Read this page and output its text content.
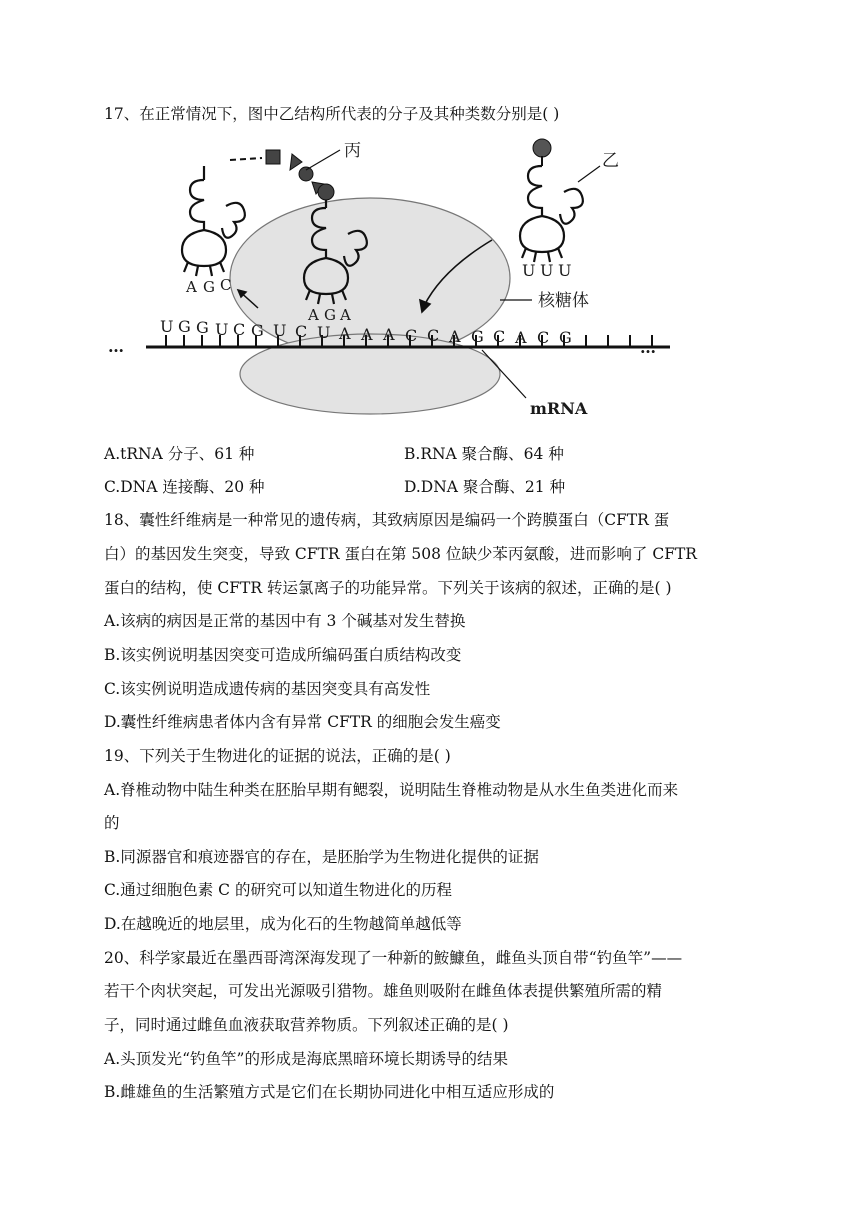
17、在正常情况下，图中乙结构所代表的分子及其种类数分别是( )
…
U G G U C G U C U A A A C C A G C A C G
…
A G C
丙
A G A
乙
U U U
核糖体
mRNA
A.tRNA 分子、61 种	B.RNA 聚合酶、64 种
C.DNA 连接酶、20 种	D.DNA 聚合酶、21 种
18、囊性纤维病是一种常见的遗传病，其致病原因是编码一个跨膜蛋白（CFTR 蛋
白）的基因发生突变，导致 CFTR 蛋白在第 508 位缺少苯丙氨酸，进而影响了 CFTR
蛋白的结构，使 CFTR 转运氯离子的功能异常。下列关于该病的叙述，正确的是( )
A.该病的病因是正常的基因中有 3 个碱基对发生替换
B.该实例说明基因突变可造成所编码蛋白质结构改变
C.该实例说明造成遗传病的基因突变具有高发性
D.囊性纤维病患者体内含有异常 CFTR 的细胞会发生癌变
19、下列关于生物进化的证据的说法，正确的是( )
A.脊椎动物中陆生种类在胚胎早期有鳃裂，说明陆生脊椎动物是从水生鱼类进化而来
的
B.同源器官和痕迹器官的存在，是胚胎学为生物进化提供的证据
C.通过细胞色素 C 的研究可以知道生物进化的历程
D.在越晚近的地层里，成为化石的生物越简单越低等
20、科学家最近在墨西哥湾深海发现了一种新的鮟鱇鱼，雌鱼头顶自带“钓鱼竿”——
若干个肉状突起，可发出光源吸引猎物。雄鱼则吸附在雌鱼体表提供繁殖所需的精
子，同时通过雌鱼血液获取营养物质。下列叙述正确的是( )
A.头顶发光“钓鱼竿”的形成是海底黑暗环境长期诱导的结果
B.雌雄鱼的生活繁殖方式是它们在长期协同进化中相互适应形成的
